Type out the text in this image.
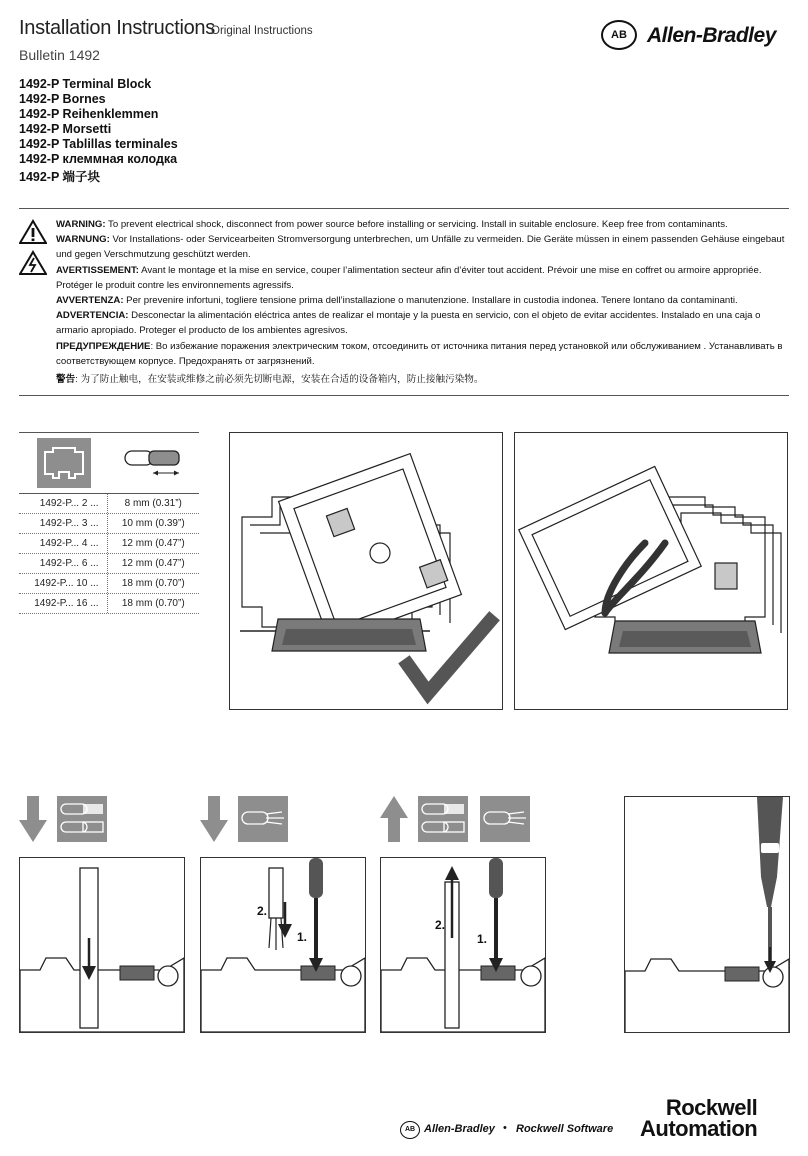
Installation Instructions
Original Instructions
Bulletin 1492
AB Allen-Bradley
1492-P Terminal Block
1492-P Bornes
1492-P Reihenklemmen
1492-P Morsetti
1492-P Tablillas terminales
1492-P клеммная колодка
1492-P 端子块

WARNING: To prevent electrical shock, disconnect from power source before installing or servicing. Install in suitable enclosure. Keep free from contaminants.

WARNUNG: Vor Installations- oder Servicearbeiten Stromversorgung unterbrechen, um Unfälle zu vermeiden. Die Geräte müssen in einem passenden Gehäuse eingebaut und gegen Verschmutzung geschützt werden.

AVERTISSEMENT: Avant le montage et la mise en service, couper l’alimentation secteur afin d’éviter tout accident. Prévoir une mise en coffret ou armoire appropriée. Protéger le produit contre les environnements agressifs.

AVVERTENZA: Per prevenire infortuni, togliere tensione prima dell’installazione o manutenzione. Installare in custodia indonea. Tenere lontano da contaminanti.

ADVERTENCIA: Desconectar la alimentación eléctrica antes de realizar el montaje y la puesta en servicio, con el objeto de evitar accidentes. Instalado en una caja o armario apropiado. Proteger el producto de los ambientes agresivos.

ПРЕДУПРЕЖДЕНИЕ: Во избежание поражения электрическим током, отсоединить от источника питания перед установкой или обслуживанием . Устанавливать в соответствующем корпусе. Предохранять от загрязнений.

警告: 为了防止触电，在安装或维修之前必须先切断电源，安装在合适的设备箱内，防止接触污染物。

1492-P... 2 ...	8 mm (0.31”)
1492-P... 3 ...	10 mm (0.39”)
1492-P... 4 ...	12 mm (0.47”)
1492-P... 6 ...	12 mm (0.47”)
1492-P... 10 ...	18 mm (0.70”)
1492-P... 16 ...	18 mm (0.70”)
2.
1.
2.
1.
AB Allen-Bradley • Rockwell Software
Rockwell
Automation
